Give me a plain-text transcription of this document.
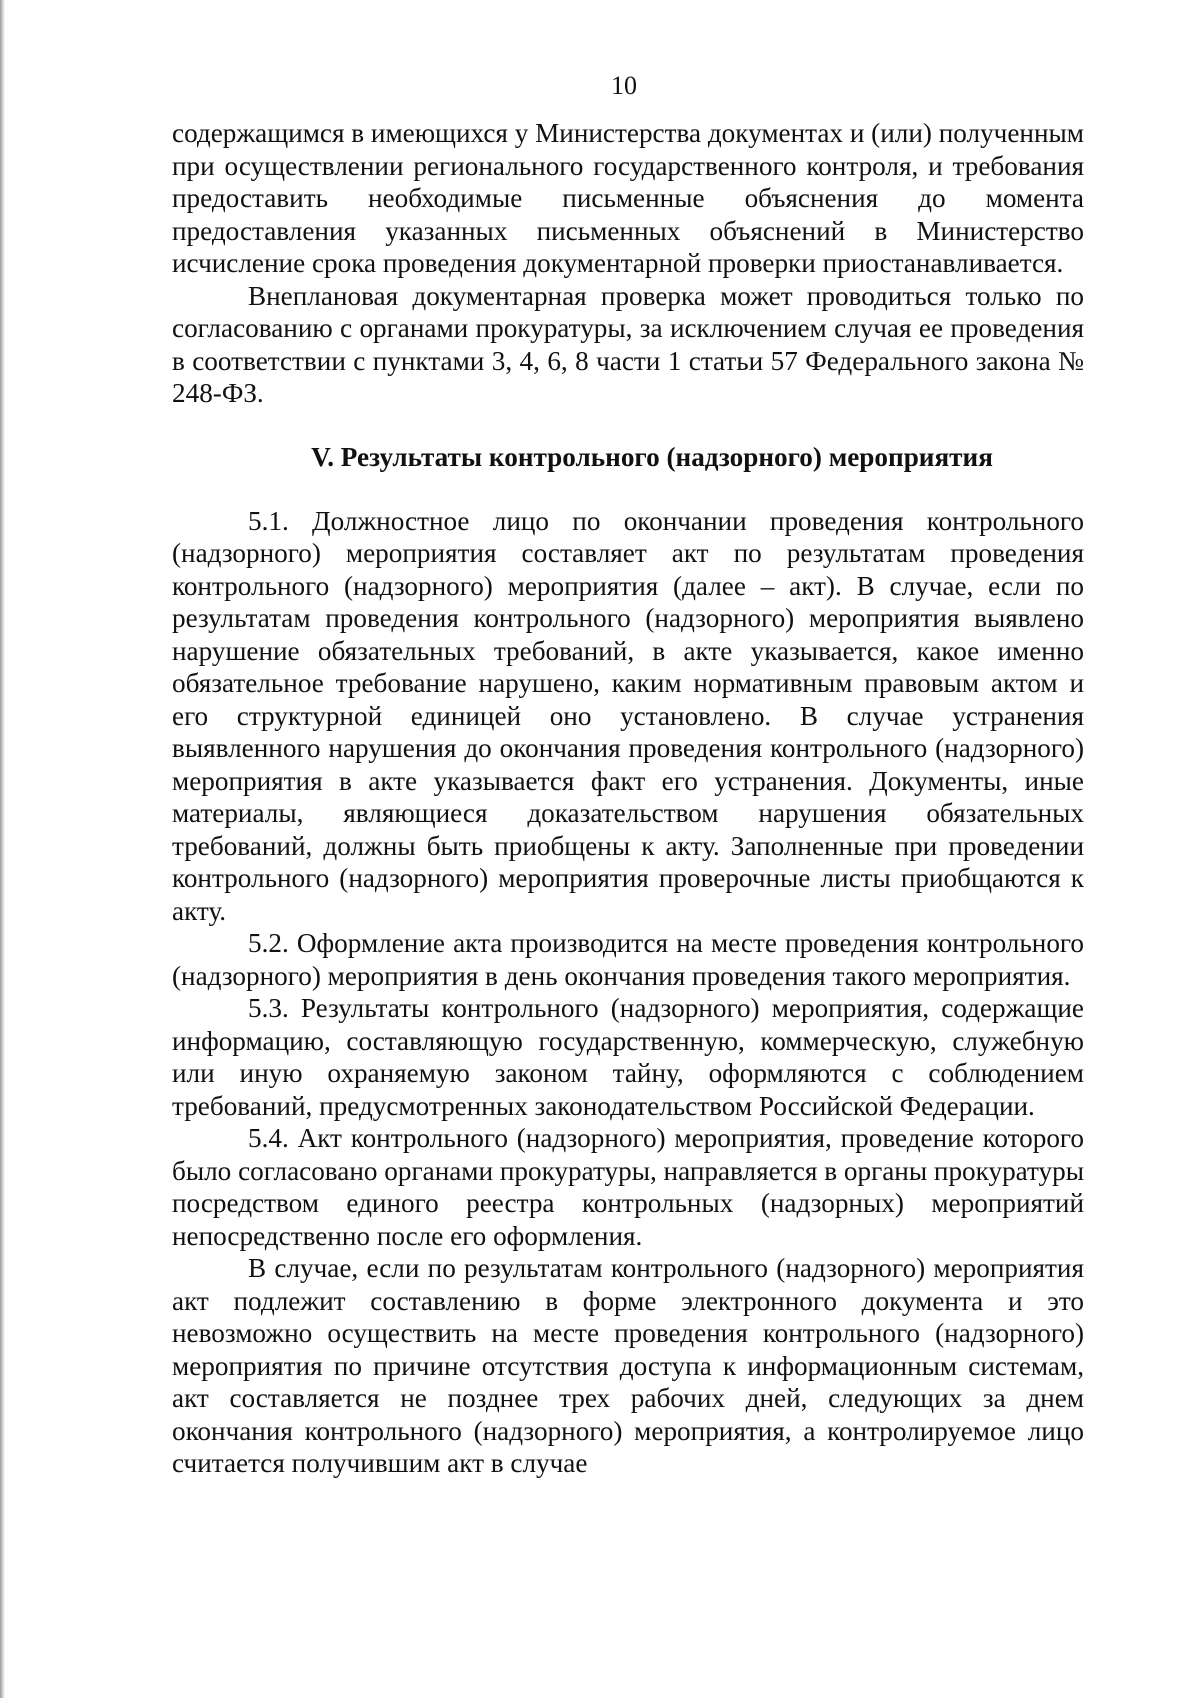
10

содержащимся в имеющихся у Министерства документах и (или) полученным при осуществлении регионального государственного контроля, и требования предоставить необходимые письменные объяснения до момента предоставления указанных письменных объяснений в Министерство исчисление срока проведения документарной проверки приостанавливается.

Внеплановая документарная проверка может проводиться только по согласованию с органами прокуратуры, за исключением случая ее проведения в соответствии с пунктами 3, 4, 6, 8 части 1 статьи 57 Федерального закона № 248-ФЗ.

V. Результаты контрольного (надзорного) мероприятия

5.1. Должностное лицо по окончании проведения контрольного (надзорного) мероприятия составляет акт по результатам проведения контрольного (надзорного) мероприятия (далее – акт). В случае, если по результатам проведения контрольного (надзорного) мероприятия выявлено нарушение обязательных требований, в акте указывается, какое именно обязательное требование нарушено, каким нормативным правовым актом и его структурной единицей оно установлено. В случае устранения выявленного нарушения до окончания проведения контрольного (надзорного) мероприятия в акте указывается факт его устранения. Документы, иные материалы, являющиеся доказательством нарушения обязательных требований, должны быть приобщены к акту. Заполненные при проведении контрольного (надзорного) мероприятия проверочные листы приобщаются к акту.

5.2. Оформление акта производится на месте проведения контрольного (надзорного) мероприятия в день окончания проведения такого мероприятия.

5.3. Результаты контрольного (надзорного) мероприятия, содержащие информацию, составляющую государственную, коммерческую, служебную или иную охраняемую законом тайну, оформляются с соблюдением требований, предусмотренных законодательством Российской Федерации.

5.4. Акт контрольного (надзорного) мероприятия, проведение которого было согласовано органами прокуратуры, направляется в органы прокуратуры посредством единого реестра контрольных (надзорных) мероприятий непосредственно после его оформления.

В случае, если по результатам контрольного (надзорного) мероприятия акт подлежит составлению в форме электронного документа и это невозможно осуществить на месте проведения контрольного (надзорного) мероприятия по причине отсутствия доступа к информационным системам, акт составляется не позднее трех рабочих дней, следующих за днем окончания контрольного (надзорного) мероприятия, а контролируемое лицо считается получившим акт в случае
